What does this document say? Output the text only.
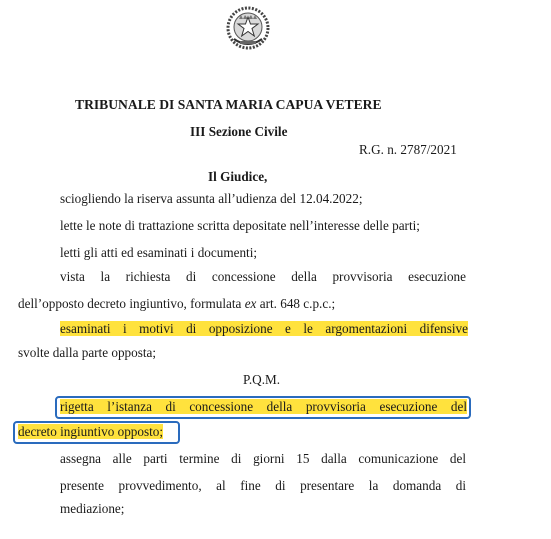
TRIBUNALE DI SANTA MARIA CAPUA VETERE
III Sezione Civile
R.G. n. 2787/2021
Il Giudice,
sciogliendo la riserva assunta all’udienza del 12.04.2022;
lette le note di trattazione scritta depositate nell’interesse delle parti;
letti gli atti ed esaminati i documenti;
vista la richiesta di concessione della provvisoria esecuzione
dell’opposto decreto ingiuntivo, formulata ex art. 648 c.p.c.;
esaminati i motivi di opposizione e le argomentazioni difensive
svolte dalla parte opposta;
P.Q.M.
rigetta l’istanza di concessione della provvisoria esecuzione del
decreto ingiuntivo opposto;
assegna alle parti termine di giorni 15 dalla comunicazione del
presente provvedimento, al fine di presentare la domanda di
mediazione;
